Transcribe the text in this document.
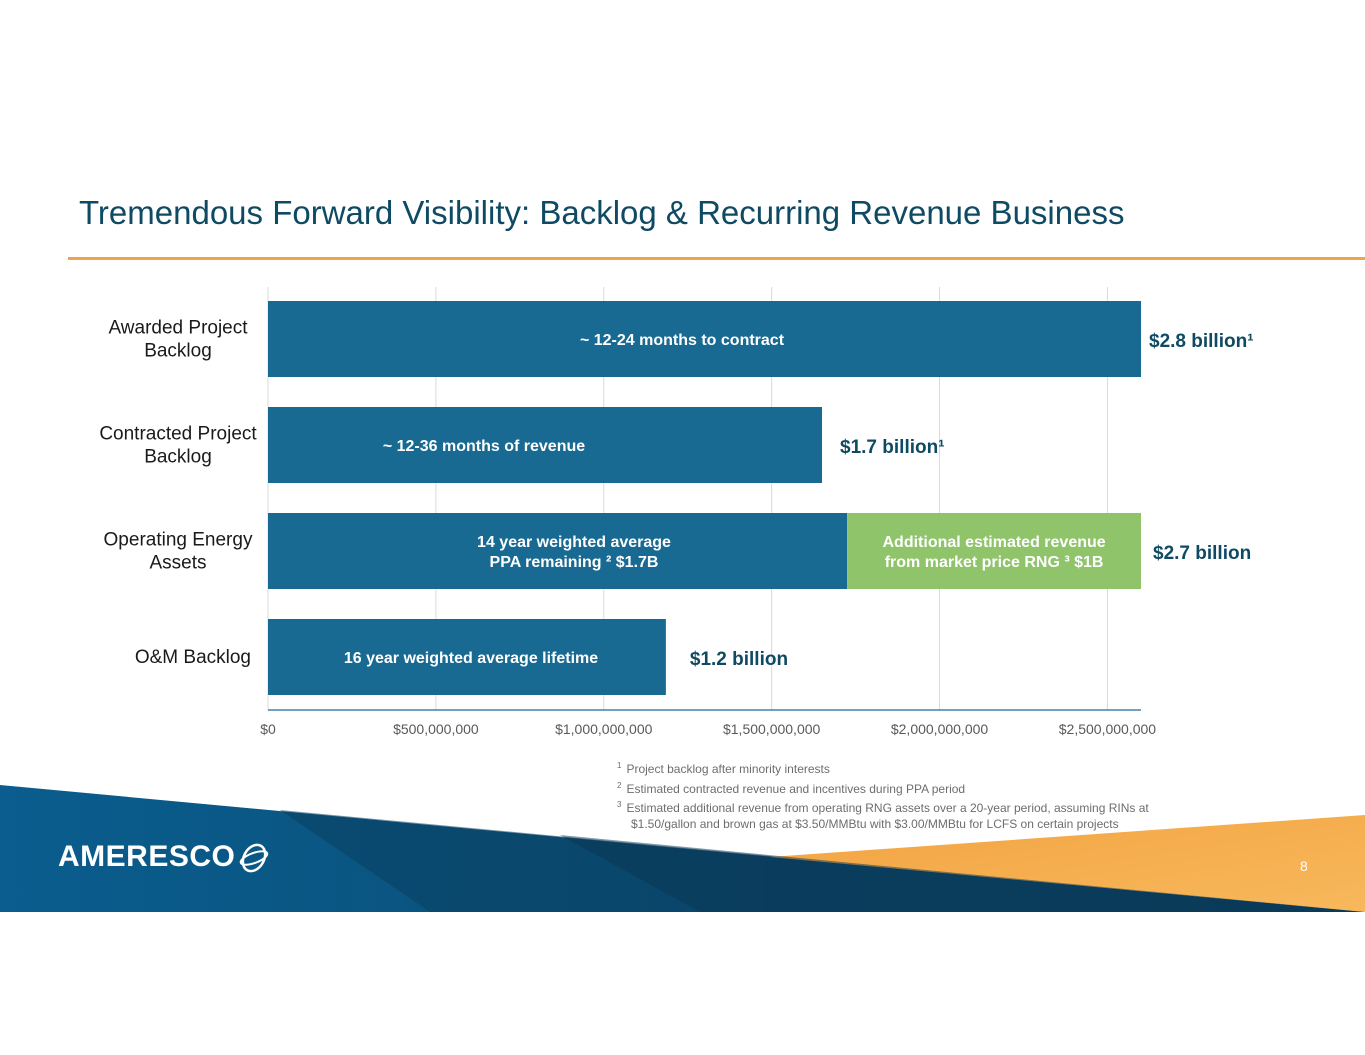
Tremendous Forward Visibility: Backlog & Recurring Revenue Business
$0	$500,000,000	$1,000,000,000	$1,500,000,000	$2,000,000,000	$2,500,000,000
Awarded Project
Backlog	~ 12-24 months to contract	$2.8 billion¹
Contracted Project
Backlog	~ 12-36 months of revenue	$1.7 billion¹
Operating Energy
Assets
14 year weighted average
PPA remaining ² $1.7B
Additional estimated revenue
from market price RNG ³ $1B	$2.7 billion
O&M Backlog	16 year weighted average lifetime	$1.2 billion
$^1$ Project backlog after minority interests
$^2$ Estimated contracted revenue and incentives during PPA period
$^3$ Estimated additional revenue from operating RNG assets over a 20-year period, assuming RINs at
$1.50/gallon and brown gas at $3.50/MMBtu with $3.00/MMBtu for LCFS on certain projects
AMERESCO	8
